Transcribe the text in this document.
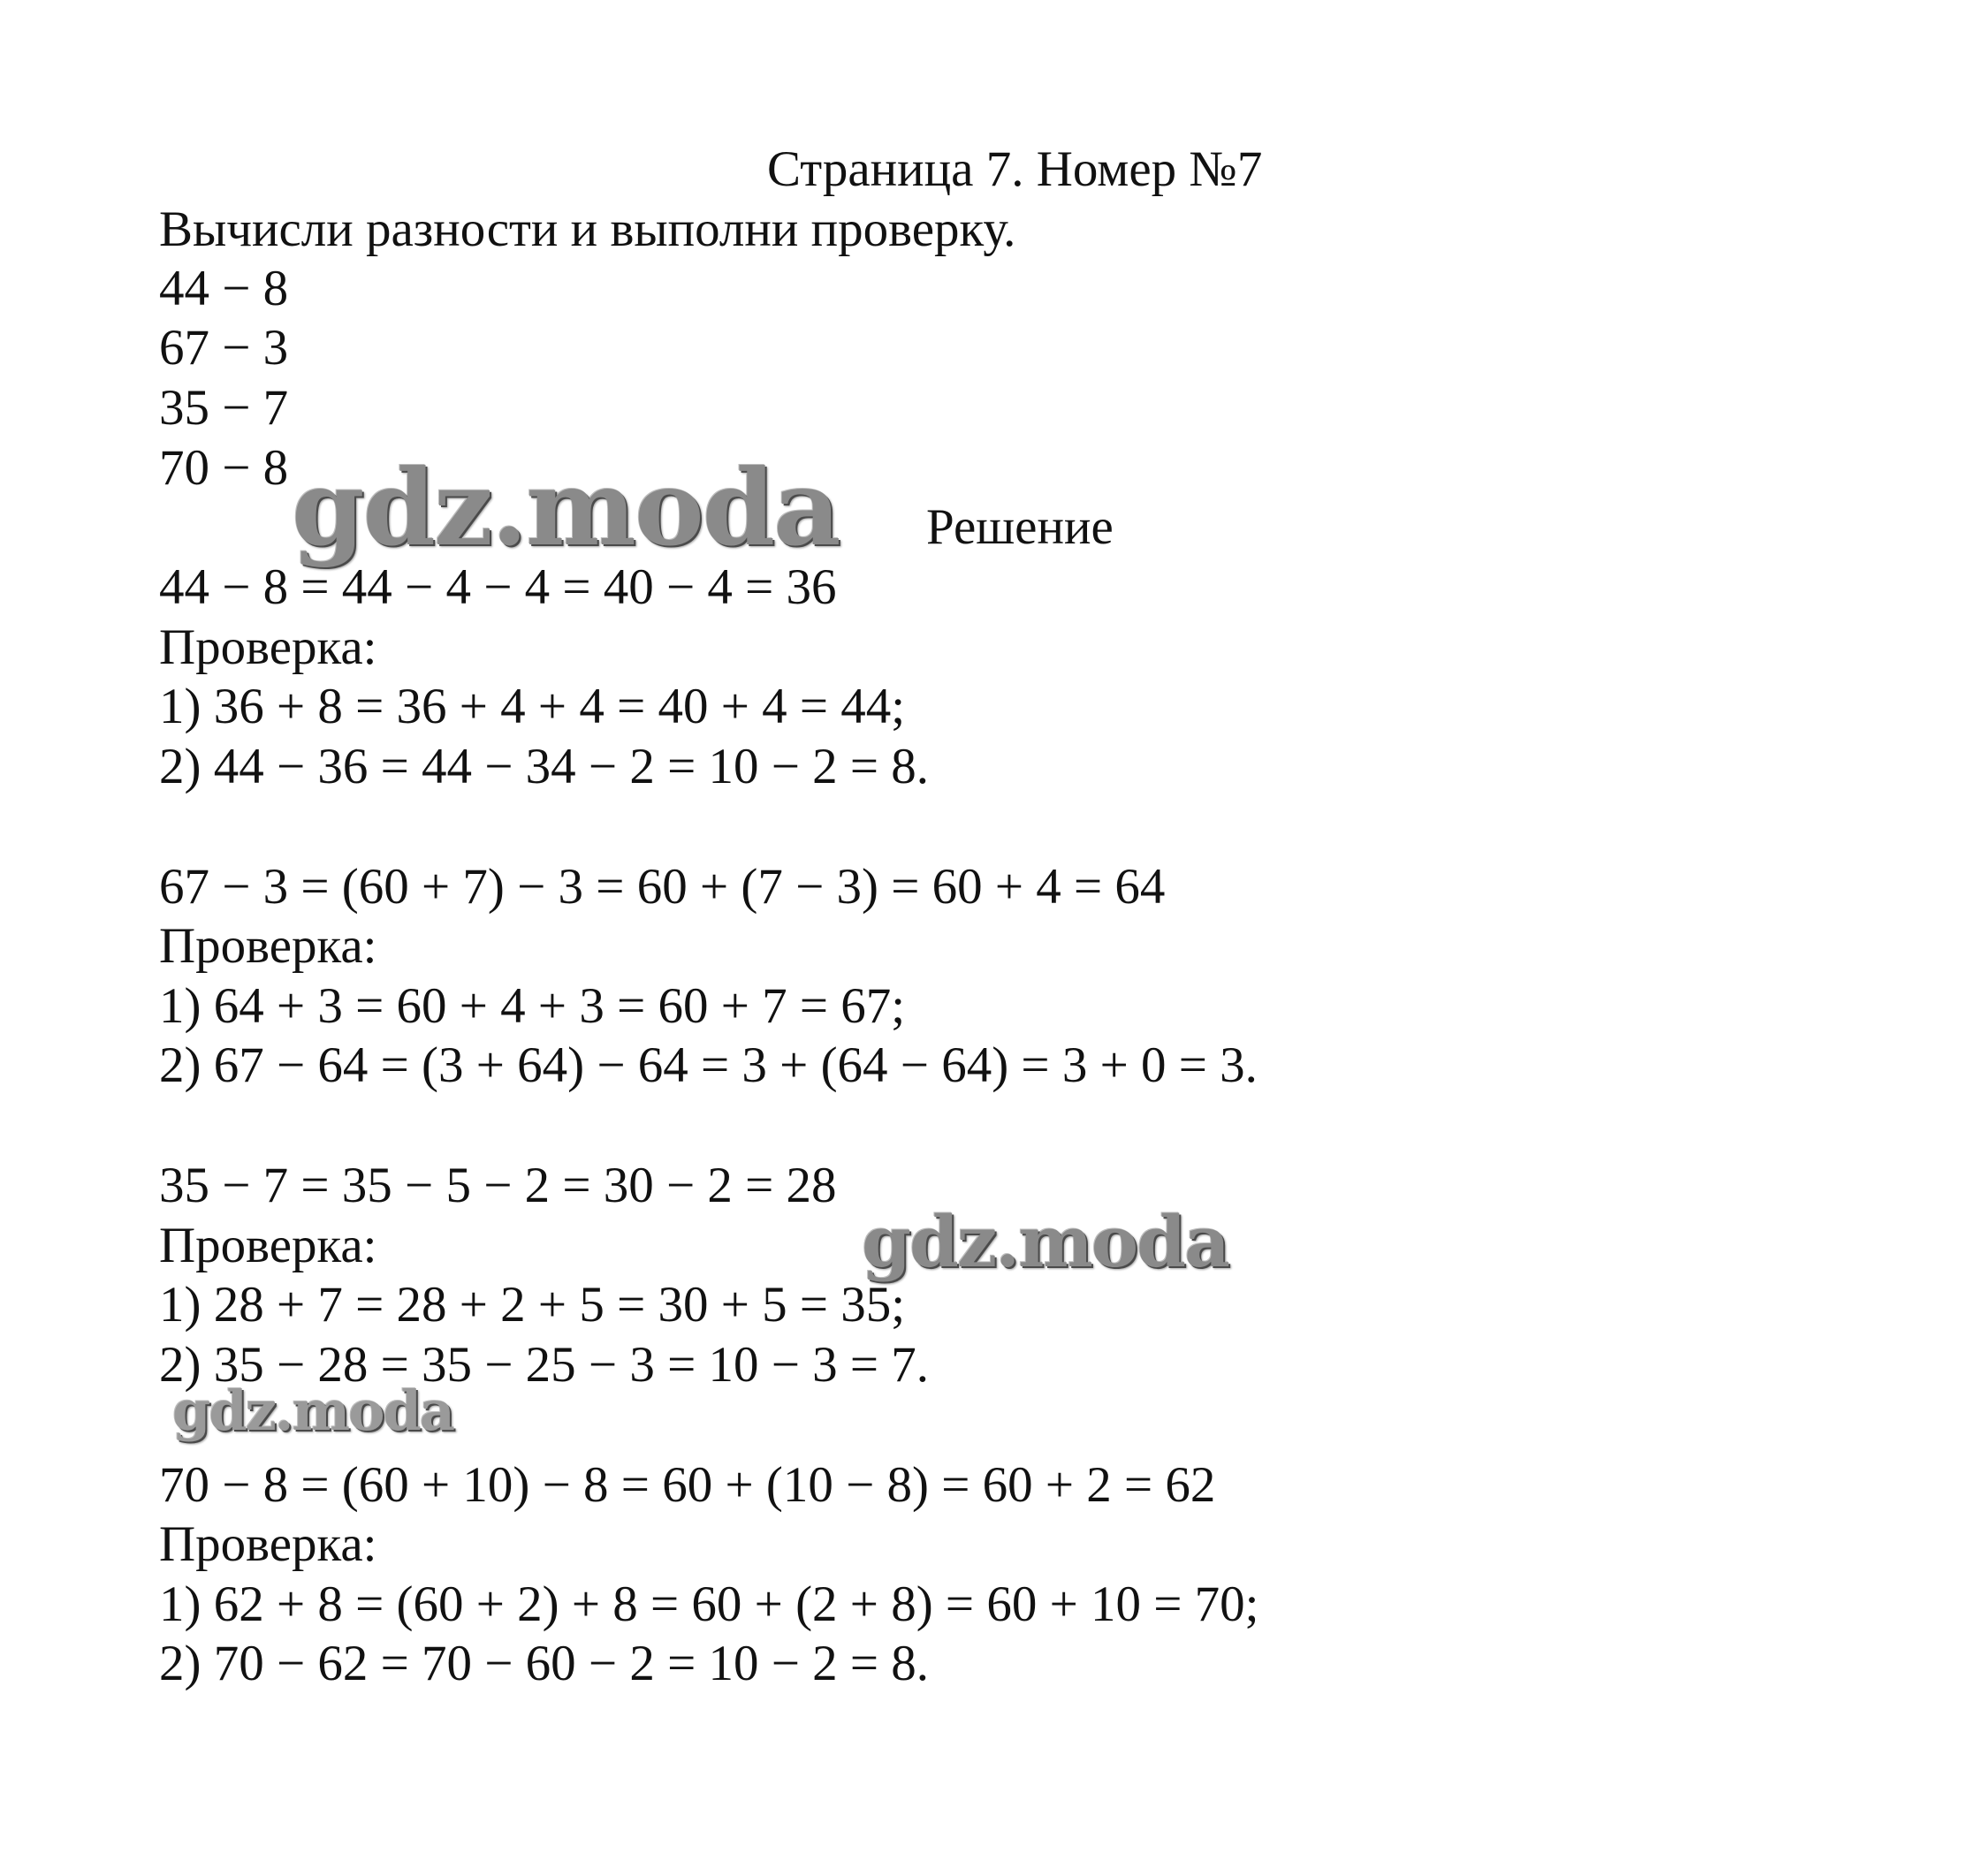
Страница 7. Номер №7
Вычисли разности и выполни проверку.
44 − 8
67 − 3
35 − 7
70 − 8
Решение
44 − 8 = 44 − 4 − 4 = 40 − 4 = 36
Проверка:
1) 36 + 8 = 36 + 4 + 4 = 40 + 4 = 44;
2) 44 − 36 = 44 − 34 − 2 = 10 − 2 = 8.
67 − 3 = (60 + 7) − 3 = 60 + (7 − 3) = 60 + 4 = 64
Проверка:
1) 64 + 3 = 60 + 4 + 3 = 60 + 7 = 67;
2) 67 − 64 = (3 + 64) − 64 = 3 + (64 − 64) = 3 + 0 = 3.
35 − 7 = 35 − 5 − 2 = 30 − 2 = 28
Проверка:
1) 28 + 7 = 28 + 2 + 5 = 30 + 5 = 35;
2) 35 − 28 = 35 − 25 − 3 = 10 − 3 = 7.
70 − 8 = (60 + 10) − 8 = 60 + (10 − 8) = 60 + 2 = 62
Проверка:
1) 62 + 8 = (60 + 2) + 8 = 60 + (2 + 8) = 60 + 10 = 70;
2) 70 − 62 = 70 − 60 − 2 = 10 − 2 = 8.
gdz.moda
gdz.moda
gdz.moda
